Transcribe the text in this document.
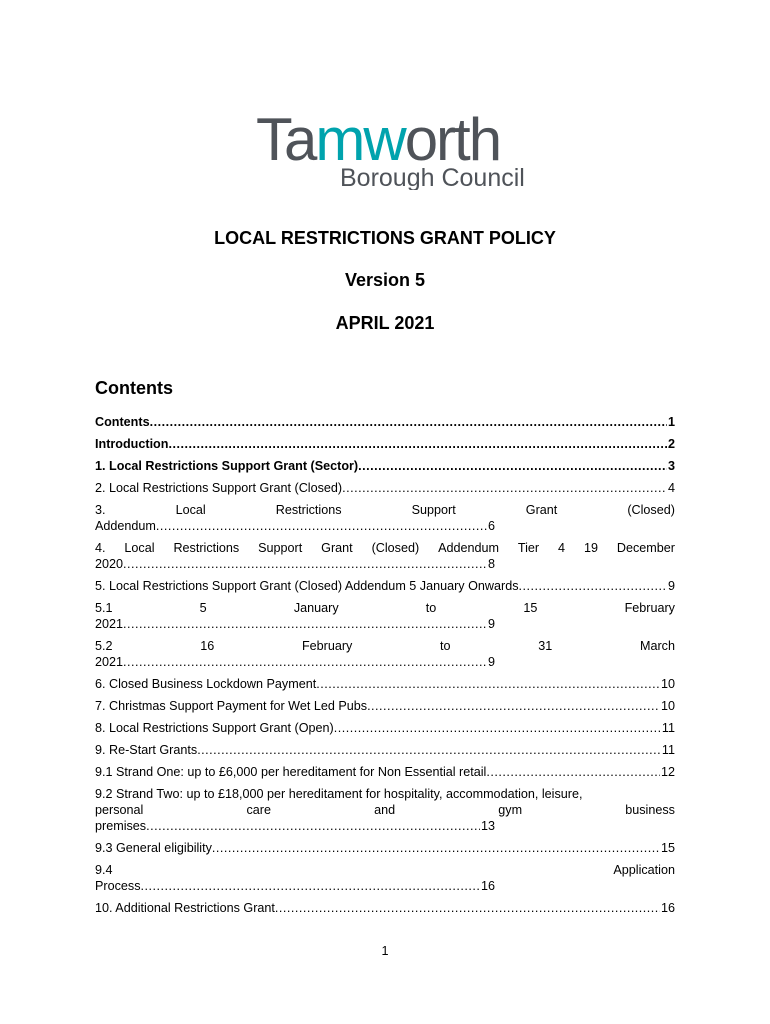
Tamworth
Borough Council
LOCAL RESTRICTIONS GRANT POLICY
Version 5
APRIL 2021
Contents
Contents .....	1
Introduction .....	2
1. Local Restrictions Support Grant (Sector) .....	3
2. Local Restrictions Support Grant (Closed) .....	4
3.	Local	Restrictions	Support	Grant	(Closed)
Addendum .....	6
4. Local Restrictions Support Grant (Closed) Addendum Tier 4 19 December
2020 .....	8
5. Local Restrictions Support Grant (Closed) Addendum 5 January Onwards .....	9
5.1	5	January	to	15	February
2021 .....	9
5.2	16	February	to	31	March
2021 .....	9
6. Closed Business Lockdown Payment .....	10
7. Christmas Support Payment for Wet Led Pubs .....	10
8. Local Restrictions Support Grant (Open) .....	11
9. Re-Start Grants .....	11
9.1 Strand One: up to £6,000 per hereditament for Non Essential retail .....	12
9.2 Strand Two: up to £18,000 per hereditament for hospitality, accommodation, leisure,
personal	care	and	gym	business
premises .....	13
9.3 General eligibility .....	15
9.4	Application
Process .....	16
10. Additional Restrictions Grant .....	16
1
